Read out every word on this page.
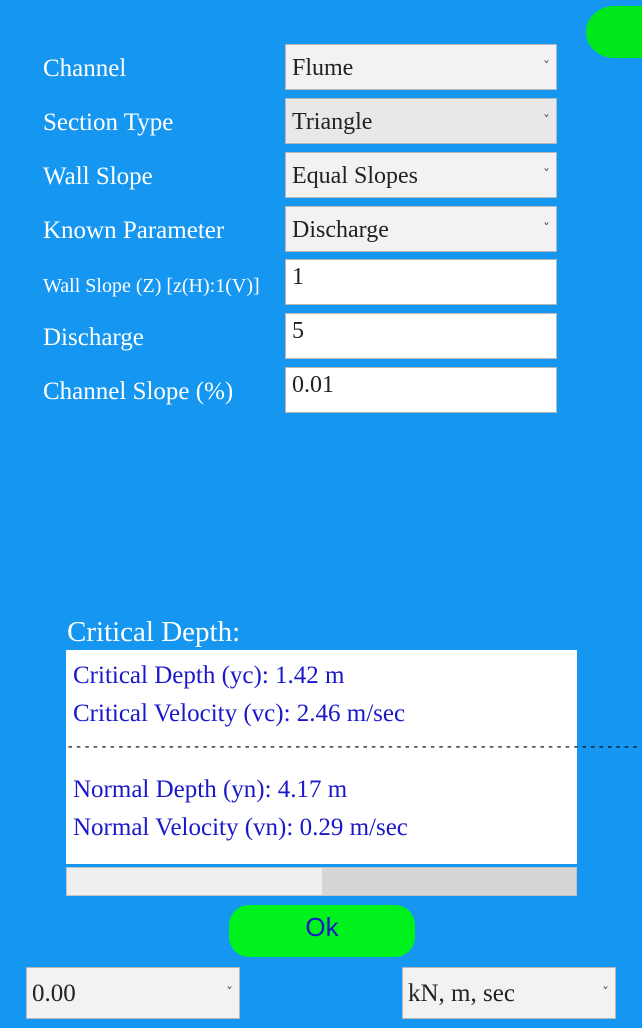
Channel	Flume	ˇ
Section Type	Triangle	ˇ
Wall Slope	Equal Slopes	ˇ
Known Parameter	Discharge	ˇ
Wall Slope (Z) [z(H):1(V)] 1
Discharge	5
Channel Slope (%) 0.01
Critical Depth:
Critical Depth (yc): 1.42 m
Critical Velocity (vc): 2.46 m/sec
--------------------------------------------------------------------
Normal Depth (yn): 4.17 m
Normal Velocity (vn): 0.29 m/sec
Ok
0.00	ˇ	kN, m, sec	ˇ
